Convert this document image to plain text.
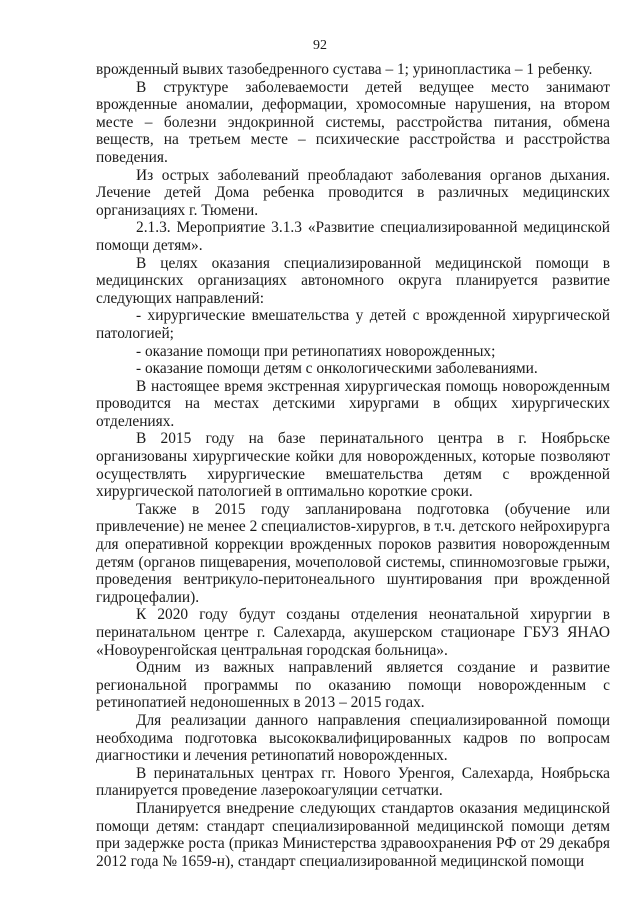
92

врожденный вывих тазобедренного сустава – 1; уринопластика – 1 ребенку.

В структуре заболеваемости детей ведущее место занимают врожденные аномалии, деформации, хромосомные нарушения, на втором месте – болезни эндокринной системы, расстройства питания, обмена веществ, на третьем месте – психические расстройства и расстройства поведения.

Из острых заболеваний преобладают заболевания органов дыхания. Лечение детей Дома ребенка проводится в различных медицинских организациях г. Тюмени.

2.1.3. Мероприятие 3.1.3 «Развитие специализированной медицинской помощи детям».

В целях оказания специализированной медицинской помощи в медицинских организациях автономного округа планируется развитие следующих направлений:

- хирургические вмешательства у детей с врожденной хирургической патологией;

- оказание помощи при ретинопатиях новорожденных;

- оказание помощи детям с онкологическими заболеваниями.

В настоящее время экстренная хирургическая помощь новорожденным проводится на местах детскими хирургами в общих хирургических отделениях.

В 2015 году на базе перинатального центра в г. Ноябрьске организованы хирургические койки для новорожденных, которые позволяют осуществлять хирургические вмешательства детям с врожденной хирургической патологией в оптимально короткие сроки.

Также в 2015 году запланирована подготовка (обучение или привлечение) не менее 2 специалистов-хирургов, в т.ч. детского нейрохирурга для оперативной коррекции врожденных пороков развития новорожденным детям (органов пищеварения, мочеполовой системы, спинномозговые грыжи, проведения вентрикуло-перитонеального шунтирования при врожденной гидроцефалии).

К 2020 году будут созданы отделения неонатальной хирургии в перинатальном центре г. Салехарда, акушерском стационаре ГБУЗ ЯНАО «Новоуренгойская центральная городская больница».

Одним из важных направлений является создание и развитие региональной программы по оказанию помощи новорожденным с ретинопатией недоношенных в 2013 – 2015 годах.

Для реализации данного направления специализированной помощи необходима подготовка высококвалифицированных кадров по вопросам диагностики и лечения ретинопатий новорожденных.

В перинатальных центрах гг. Нового Уренгоя, Салехарда, Ноябрьска планируется проведение лазерокоагуляции сетчатки.

Планируется внедрение следующих стандартов оказания медицинской помощи детям: стандарт специализированной медицинской помощи детям при задержке роста (приказ Министерства здравоохранения РФ от 29 декабря 2012 года № 1659-н), стандарт специализированной медицинской помощи
